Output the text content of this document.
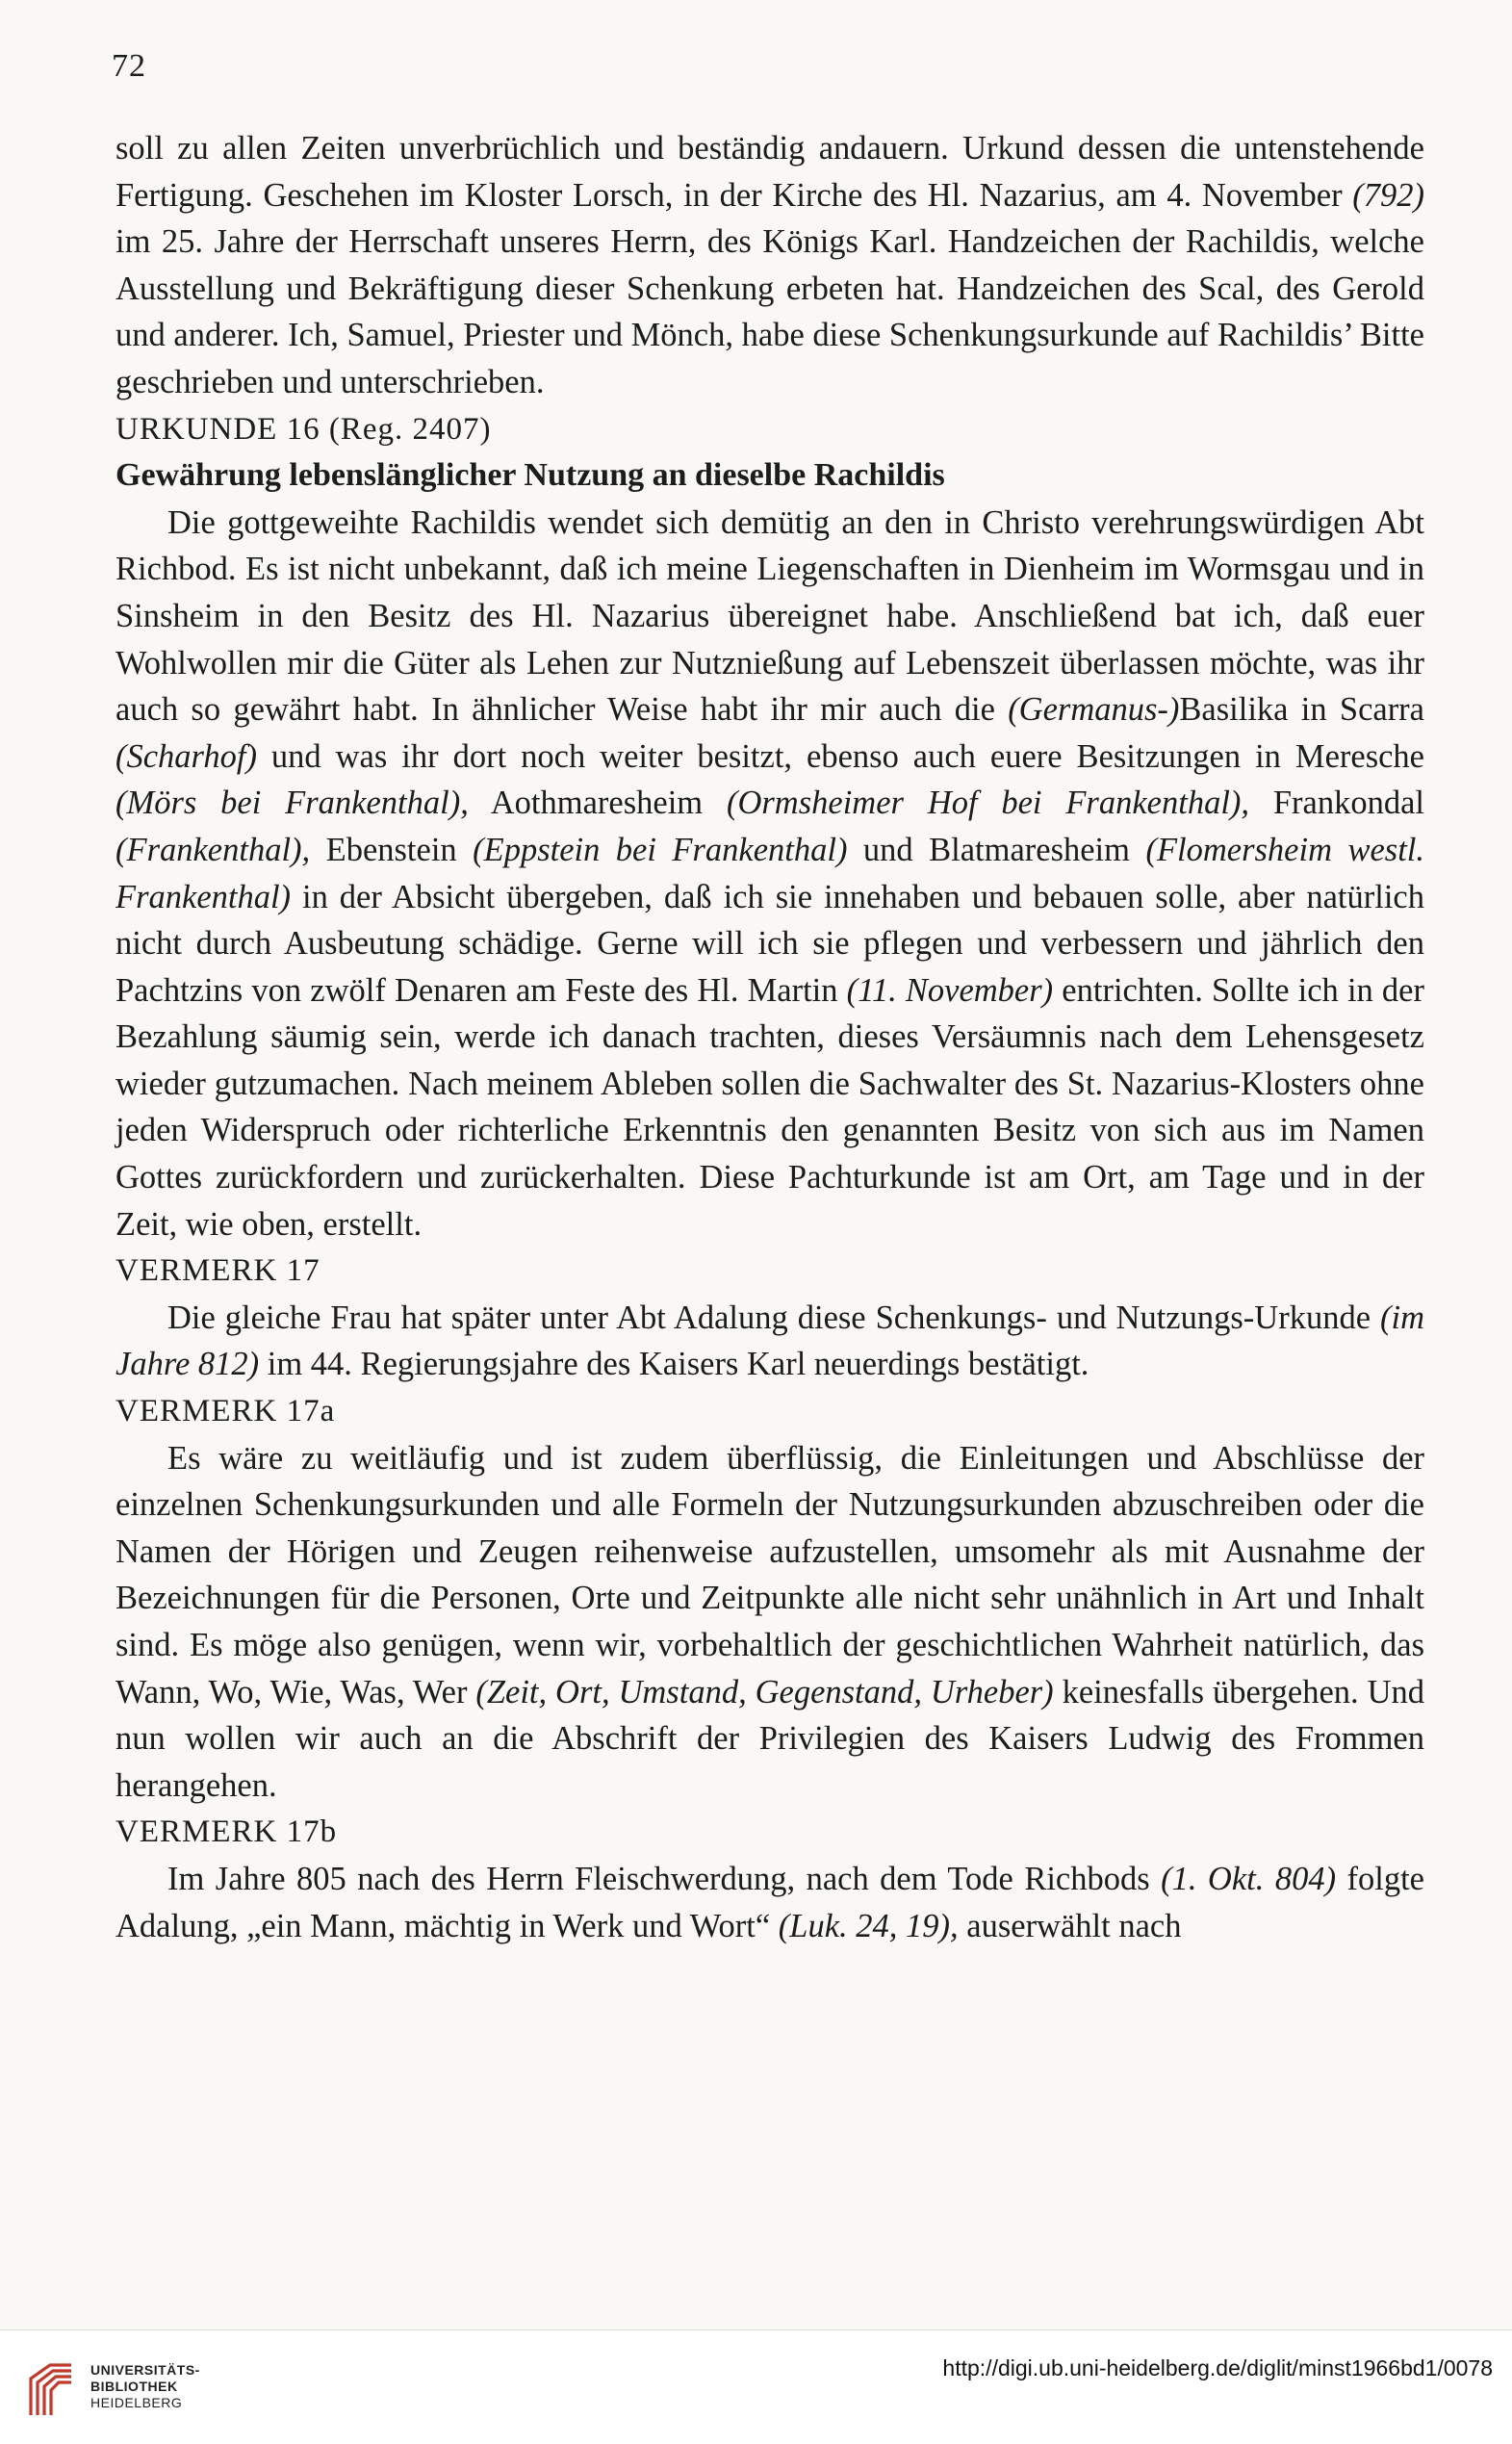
72

soll zu allen Zeiten unverbrüchlich und beständig andauern. Urkund dessen die untenstehende Fertigung. Geschehen im Kloster Lorsch, in der Kirche des Hl. Nazarius, am 4. November (792) im 25. Jahre der Herrschaft unseres Herrn, des Königs Karl. Handzeichen der Rachildis, welche Ausstellung und Bekräftigung dieser Schenkung erbeten hat. Handzeichen des Scal, des Gerold und anderer. Ich, Samuel, Priester und Mönch, habe diese Schenkungsurkunde auf Rachildis’ Bitte geschrieben und unterschrieben.

URKUNDE 16 (Reg. 2407)

Gewährung lebenslänglicher Nutzung an dieselbe Rachildis

Die gottgeweihte Rachildis wendet sich demütig an den in Christo verehrungswürdigen Abt Richbod. Es ist nicht unbekannt, daß ich meine Liegenschaften in Dienheim im Wormsgau und in Sinsheim in den Besitz des Hl. Nazarius übereignet habe. Anschließend bat ich, daß euer Wohlwollen mir die Güter als Lehen zur Nutznießung auf Lebenszeit überlassen möchte, was ihr auch so gewährt habt. In ähnlicher Weise habt ihr mir auch die (Germanus-)Basilika in Scarra (Scharhof) und was ihr dort noch weiter besitzt, ebenso auch euere Besitzungen in Meresche (Mörs bei Frankenthal), Aothmaresheim (Ormsheimer Hof bei Frankenthal), Frankondal (Frankenthal), Ebenstein (Eppstein bei Frankenthal) und Blatmaresheim (Flomersheim westl. Frankenthal) in der Absicht übergeben, daß ich sie innehaben und bebauen solle, aber natürlich nicht durch Ausbeutung schädige. Gerne will ich sie pflegen und verbessern und jährlich den Pachtzins von zwölf Denaren am Feste des Hl. Martin (11. November) entrichten. Sollte ich in der Bezahlung säumig sein, werde ich danach trachten, dieses Versäumnis nach dem Lehensgesetz wieder gutzumachen. Nach meinem Ableben sollen die Sachwalter des St. Nazarius-Klosters ohne jeden Widerspruch oder richterliche Erkenntnis den genannten Besitz von sich aus im Namen Gottes zurückfordern und zurückerhalten. Diese Pachturkunde ist am Ort, am Tage und in der Zeit, wie oben, erstellt.

VERMERK 17

Die gleiche Frau hat später unter Abt Adalung diese Schenkungs- und Nutzungs-Urkunde (im Jahre 812) im 44. Regierungsjahre des Kaisers Karl neuerdings bestätigt.

VERMERK 17a

Es wäre zu weitläufig und ist zudem überflüssig, die Einleitungen und Abschlüsse der einzelnen Schenkungsurkunden und alle Formeln der Nutzungsurkunden abzuschreiben oder die Namen der Hörigen und Zeugen reihenweise aufzustellen, umsomehr als mit Ausnahme der Bezeichnungen für die Personen, Orte und Zeitpunkte alle nicht sehr unähnlich in Art und Inhalt sind. Es möge also genügen, wenn wir, vorbehaltlich der geschichtlichen Wahrheit natürlich, das Wann, Wo, Wie, Was, Wer (Zeit, Ort, Umstand, Gegenstand, Urheber) keinesfalls übergehen. Und nun wollen wir auch an die Abschrift der Privilegien des Kaisers Ludwig des Frommen herangehen.

VERMERK 17b

Im Jahre 805 nach des Herrn Fleischwerdung, nach dem Tode Richbods (1. Okt. 804) folgte Adalung, „ein Mann, mächtig in Werk und Wort“ (Luk. 24, 19), auserwählt nach

UNIVERSITÄTS-
BIBLIOTHEK
HEIDELBERG
http://digi.ub.uni-heidelberg.de/diglit/minst1966bd1/0078
